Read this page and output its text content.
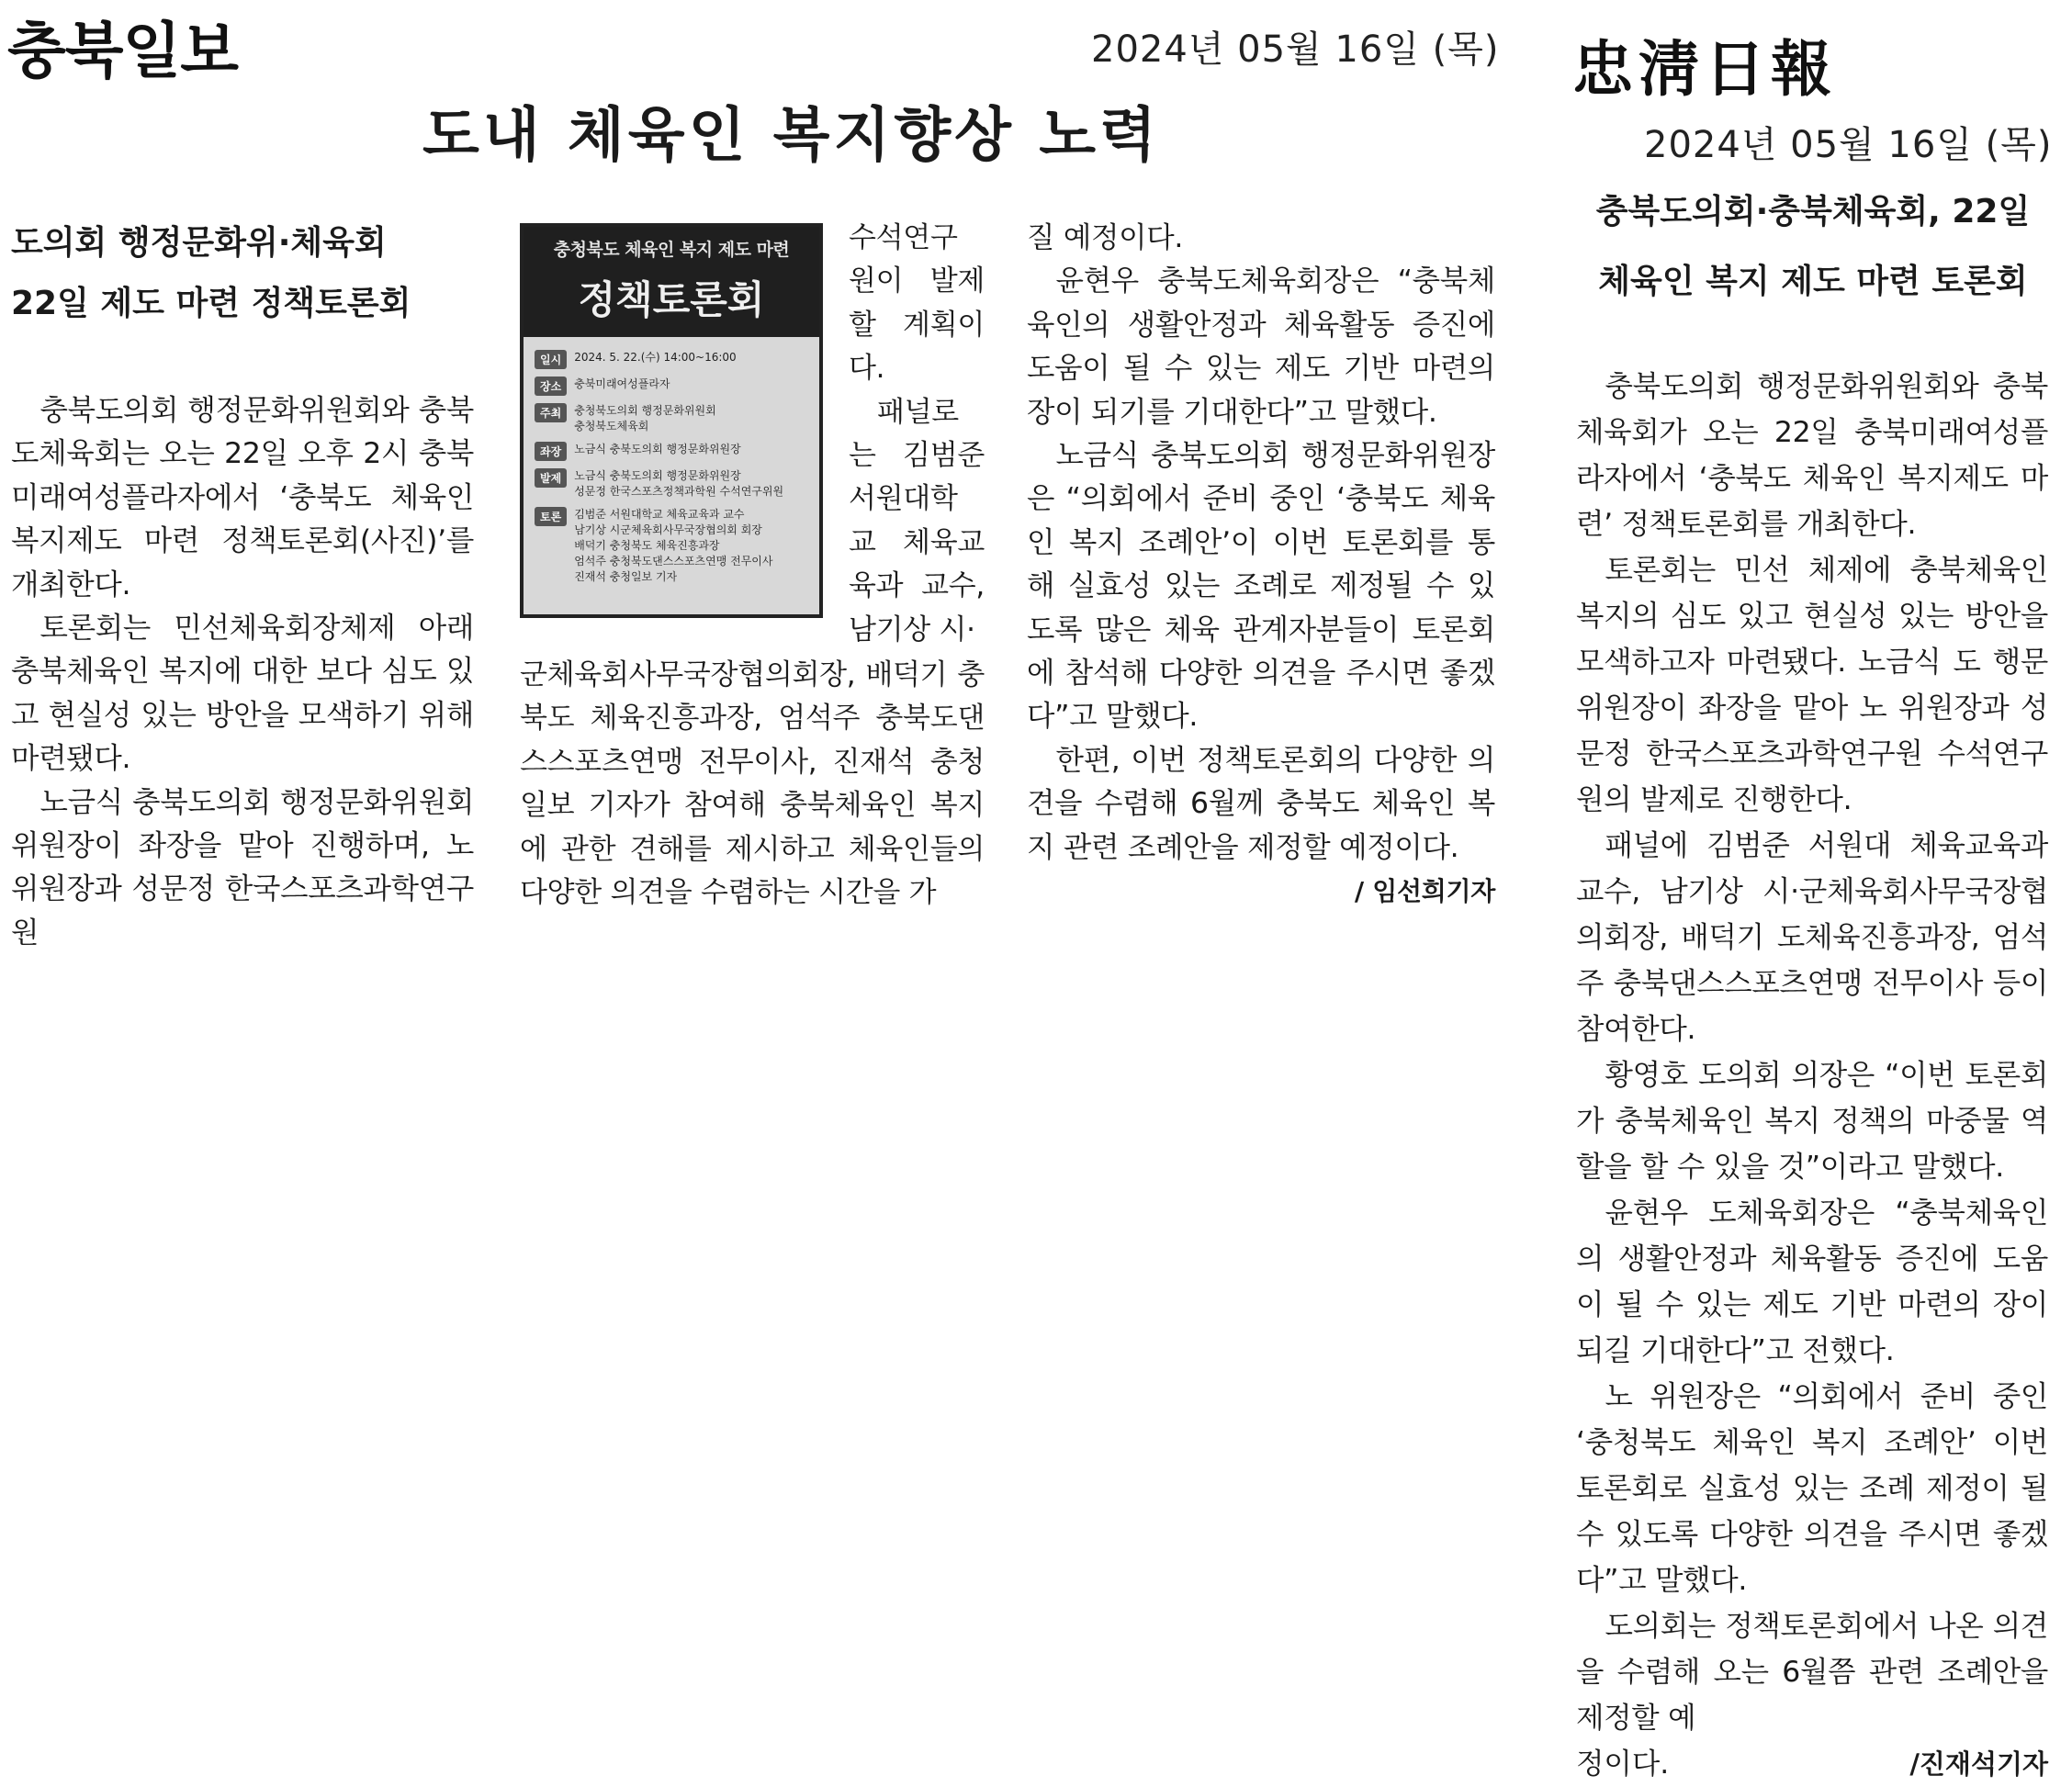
충북일보	2024년 05월 16일 (목)
도내 체육인 복지향상 노력
도의회 행정문화위·체육회
22일 제도 마련 정책토론회

충북도의회 행정문화위원회와 충북도체육회는 오는 22일 오후 2시 충북미래여성플라자에서 ‘충북도 체육인 복지제도 마련 정책토론회(사진)’를 개최한다.

토론회는 민선체육회장체제 아래 충북체육인 복지에 대한 보다 심도 있고 현실성 있는 방안을 모색하기 위해 마련됐다.

노금식 충북도의회 행정문화위원회 위원장이 좌장을 맡아 진행하며, 노 위원장과 성문정 한국스포츠과학연구원

충청북도 체육인 복지 제도 마련
정책토론회
일시	2024. 5. 22.(수) 14:00~16:00
장소	충북미래여성플라자
주최	충청북도의회 행정문화위원회
충청북도체육회
좌장	노금식 충북도의회 행정문화위원장
발제	노금식 충북도의회 행정문화위원장
성문정 한국스포츠정책과학원 수석연구위원
토론	김범준 서원대학교 체육교육과 교수
남기상 시군체육회사무국장협의회 회장
배덕기 충청북도 체육진흥과장
엄석주 충청북도댄스스포츠연맹 전무이사
진재석 충청일보 기자

수석연구원이 발제할 계획이다.

패널로는 김범준 서원대학교 체육교육과 교수, 남기상 시·

군체육회사무국장협의회장, 배덕기 충북도 체육진흥과장, 엄석주 충북도댄스스포츠연맹 전무이사, 진재석 충청일보 기자가 참여해 충북체육인 복지에 관한 견해를 제시하고 체육인들의 다양한 의견을 수렴하는 시간을 가

질 예정이다.

윤현우 충북도체육회장은 “충북체육인의 생활안정과 체육활동 증진에 도움이 될 수 있는 제도 기반 마련의 장이 되기를 기대한다”고 말했다.

노금식 충북도의회 행정문화위원장은 “의회에서 준비 중인 ‘충북도 체육인 복지 조례안’이 이번 토론회를 통해 실효성 있는 조례로 제정될 수 있도록 많은 체육 관계자분들이 토론회에 참석해 다양한 의견을 주시면 좋겠다”고 말했다.

한편, 이번 정책토론회의 다양한 의견을 수렴해 6월께 충북도 체육인 복지 관련 조례안을 제정할 예정이다.

/ 임선희기자

忠淸日報
2024년 05월 16일 (목)
충북도의회·충북체육회, 22일
체육인 복지 제도 마련 토론회

충북도의회 행정문화위원회와 충북체육회가 오는 22일 충북미래여성플라자에서 ‘충북도 체육인 복지제도 마련’ 정책토론회를 개최한다.

토론회는 민선 체제에 충북체육인 복지의 심도 있고 현실성 있는 방안을 모색하고자 마련됐다. 노금식 도 행문위원장이 좌장을 맡아 노 위원장과 성문정 한국스포츠과학연구원 수석연구원의 발제로 진행한다.

패널에 김범준 서원대 체육교육과 교수, 남기상 시·군체육회사무국장협의회장, 배덕기 도체육진흥과장, 엄석주 충북댄스스포츠연맹 전무이사 등이 참여한다.

황영호 도의회 의장은 “이번 토론회가 충북체육인 복지 정책의 마중물 역할을 할 수 있을 것”이라고 말했다.

윤현우 도체육회장은 “충북체육인의 생활안정과 체육활동 증진에 도움이 될 수 있는 제도 기반 마련의 장이 되길 기대한다”고 전했다.

노 위원장은 “의회에서 준비 중인 ‘충청북도 체육인 복지 조례안’ 이번 토론회로 실효성 있는 조례 제정이 될 수 있도록 다양한 의견을 주시면 좋겠다”고 말했다.

도의회는 정책토론회에서 나온 의견을 수렴해 오는 6월쯤 관련 조례안을 제정할 예

정이다.	/진재석기자
